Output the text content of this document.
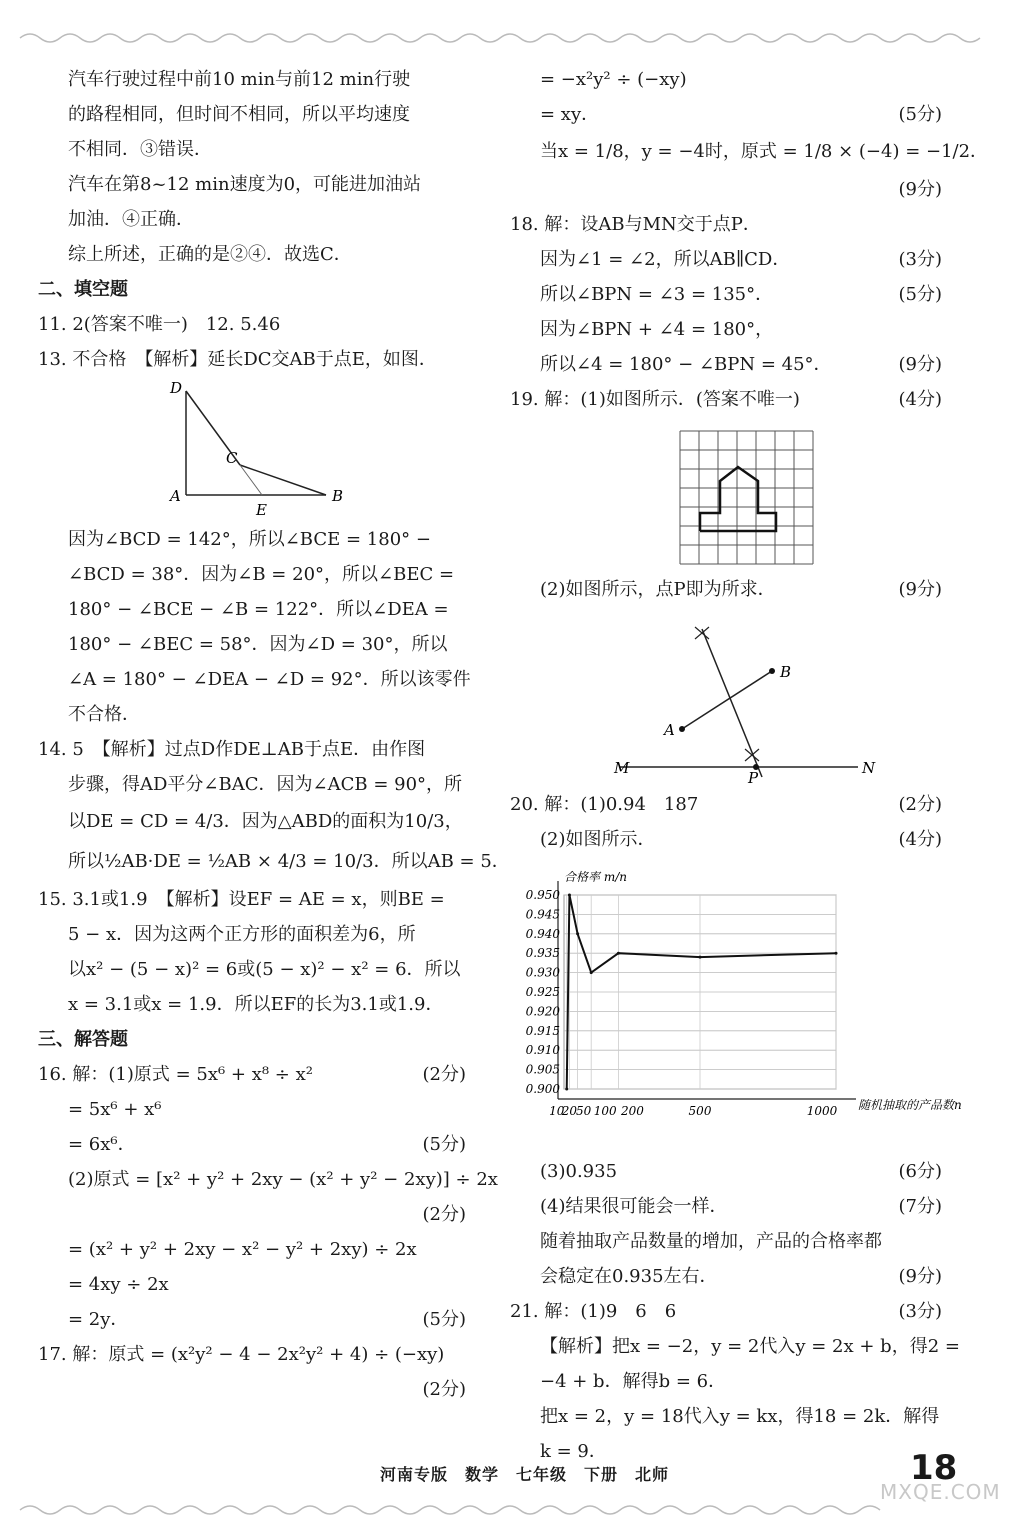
汽车行驶过程中前10 min与前12 min行驶
的路程相同，但时间不相同，所以平均速度
不相同．③错误．
汽车在第8~12 min速度为0，可能进加油站
加油．④正确．
综上所述，正确的是②④．故选C．
二、填空题
11. 2(答案不唯一)　12. 5.46
13. 不合格　【解析】延长DC交AB于点E，如图．
D
C
A
E
B
因为∠BCD = 142°，所以∠BCE = 180° −
∠BCD = 38°．因为∠B = 20°，所以∠BEC =
180° − ∠BCE − ∠B = 122°．所以∠DEA =
180° − ∠BEC = 58°．因为∠D = 30°，所以
∠A = 180° − ∠DEA − ∠D = 92°．所以该零件
不合格．
14. 5　【解析】过点D作DE⊥AB于点E．由作图
步骤，得AD平分∠BAC．因为∠ACB = 90°，所
以DE = CD = 4/3．因为△ABD的面积为10/3，
所以½AB·DE = ½AB × 4/3 = 10/3．所以AB = 5．
15. 3.1或1.9　【解析】设EF = AE = x，则BE =
5 − x．因为这两个正方形的面积差为6，所
以x² − (5 − x)² = 6或(5 − x)² − x² = 6．所以
x = 3.1或x = 1.9．所以EF的长为3.1或1.9．
三、解答题
16. 解：(1)原式 = 5x⁶ + x⁸ ÷ x²	(2分)
= 5x⁶ + x⁶
= 6x⁶．	(5分)
(2)原式 = [x² + y² + 2xy − (x² + y² − 2xy)] ÷ 2x
(2分)
= (x² + y² + 2xy − x² − y² + 2xy) ÷ 2x
= 4xy ÷ 2x
= 2y．	(5分)
17. 解：原式 = (x²y² − 4 − 2x²y² + 4) ÷ (−xy)
(2分)
= −x²y² ÷ (−xy)
= xy．	(5分)
当x = 1/8，y = −4时，原式 = 1/8 × (−4) = −1/2．
(9分)
18. 解：设AB与MN交于点P．
因为∠1 = ∠2，所以AB∥CD．	(3分)
所以∠BPN = ∠3 = 135°．	(5分)
因为∠BPN + ∠4 = 180°，
所以∠4 = 180° − ∠BPN = 45°．	(9分)
19. 解：(1)如图所示．(答案不唯一)	(4分)
(2)如图所示，点P即为所求．	(9分)
A
B
M
P
N
20. 解：(1)0.94　187	(2分)
(2)如图所示．	(4分)
合格率 m/n
0.950
0.945
0.940
0.935
0.930
0.925
0.920
0.915
0.910
0.905
0.900
10
20
50 100 200	500	1000 随机抽取的产品数n
(3)0.935	(6分)
(4)结果很可能会一样．	(7分)
随着抽取产品数量的增加，产品的合格率都
会稳定在0.935左右．	(9分)
21. 解：(1)9　6　6	(3分)
【解析】把x = −2，y = 2代入y = 2x + b，得2 =
−4 + b．解得b = 6．
把x = 2，y = 18代入y = kx，得18 = 2k．解得
k = 9．
河南专版　数学　七年级　下册　北师	18
MXQE.COM
